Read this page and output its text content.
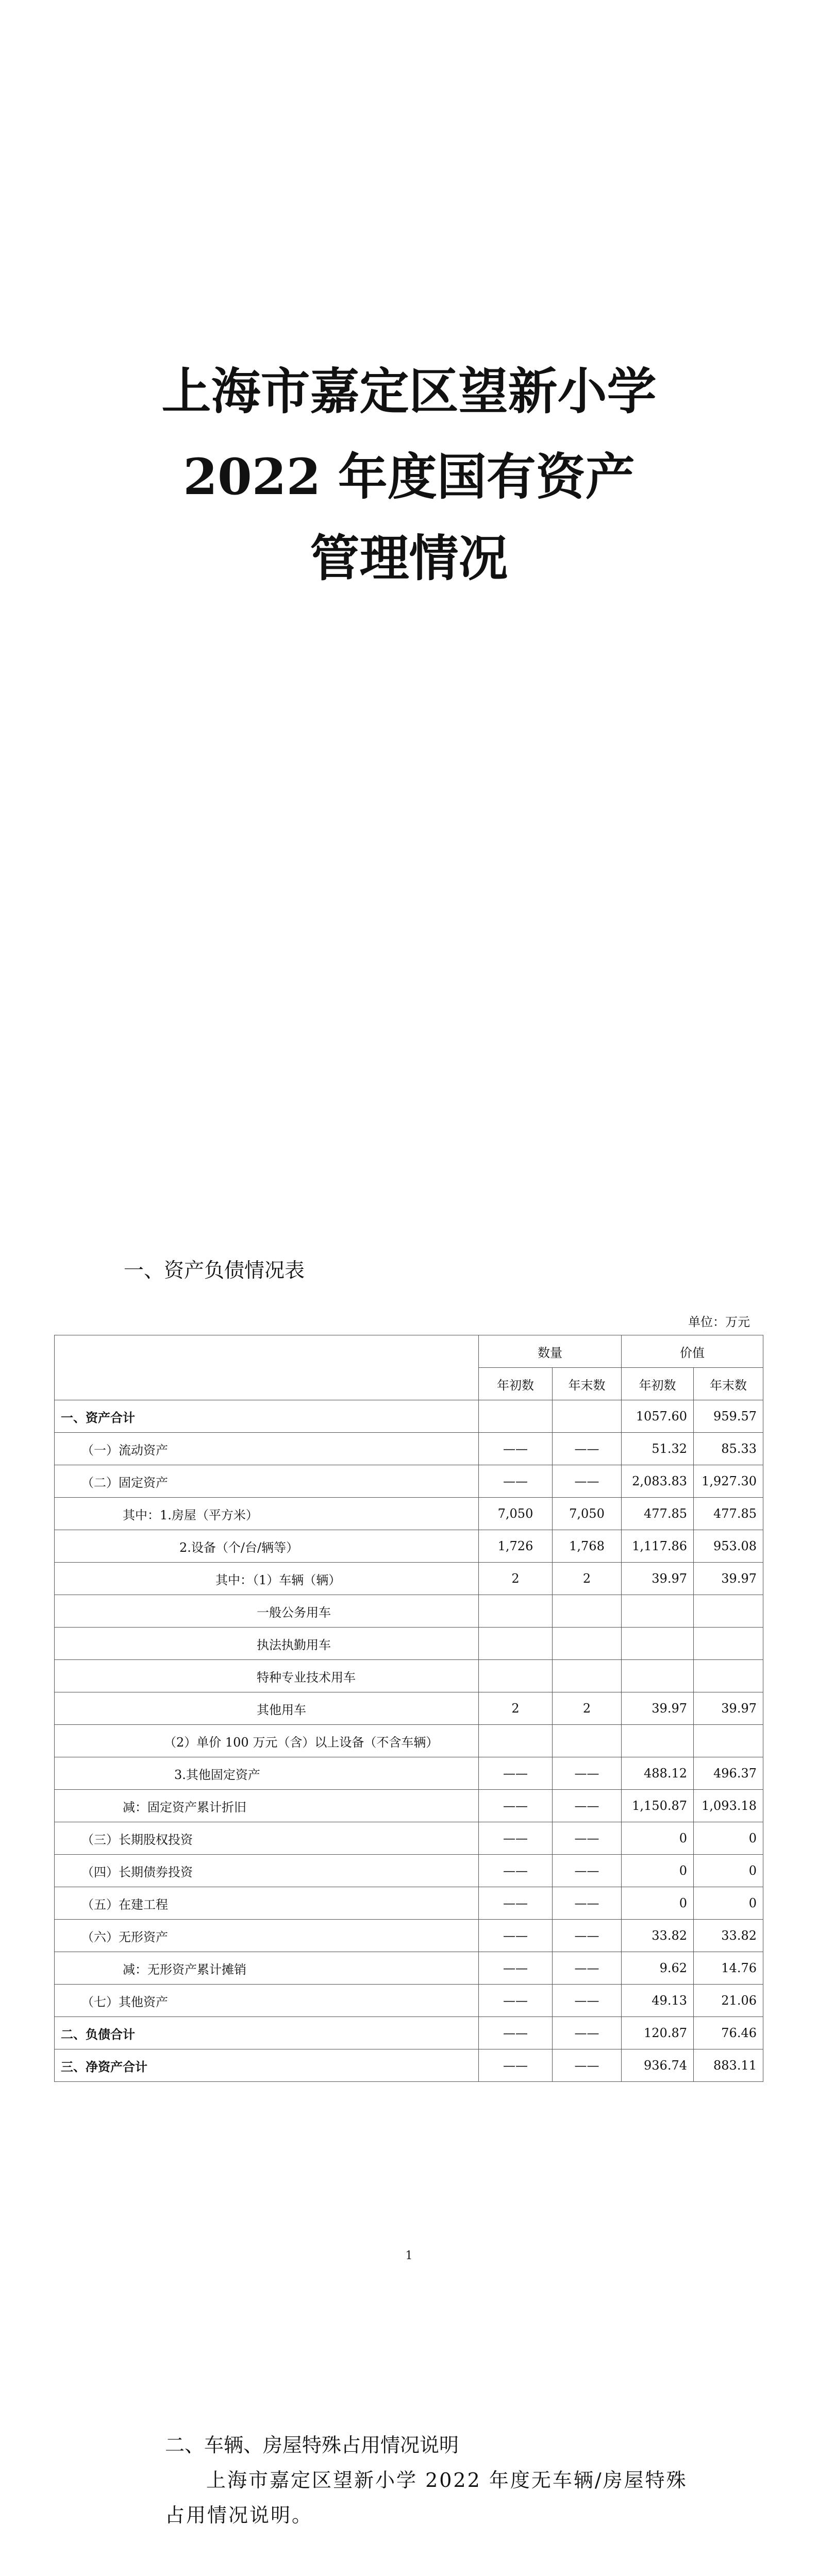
上海市嘉定区望新小学
2022 年度国有资产
管理情况
一、资产负债情况表
单位：万元
	数量		价值	
	年初数	年末数	年初数	年末数
一、资产合计			1057.60	959.57
（一）流动资产	——	——	51.32	85.33
（二）固定资产	——	——	2,083.83	1,927.30
其中：1.房屋（平方米）	7,050	7,050	477.85	477.85
2.设备（个/台/辆等）	1,726	1,768	1,117.86	953.08
其中：（1）车辆（辆）	2	2	39.97	39.97
一般公务用车				
执法执勤用车				
特种专业技术用车				
其他用车	2	2	39.97	39.97
（2）单价 100 万元（含）以上设备（不含车辆）				
3.其他固定资产	——	——	488.12	496.37
减：固定资产累计折旧	——	——	1,150.87	1,093.18
（三）长期股权投资	——	——	0	0
（四）长期债券投资	——	——	0	0
（五）在建工程	——	——	0	0
（六）无形资产	——	——	33.82	33.82
减：无形资产累计摊销	——	——	9.62	14.76
（七）其他资产	——	——	49.13	21.06
二、负债合计	——	——	120.87	76.46
三、净资产合计	——	——	936.74	883.11
1
二、车辆、房屋特殊占用情况说明

上海市嘉定区望新小学 2022 年度无车辆/房屋特殊占用情况说明。
